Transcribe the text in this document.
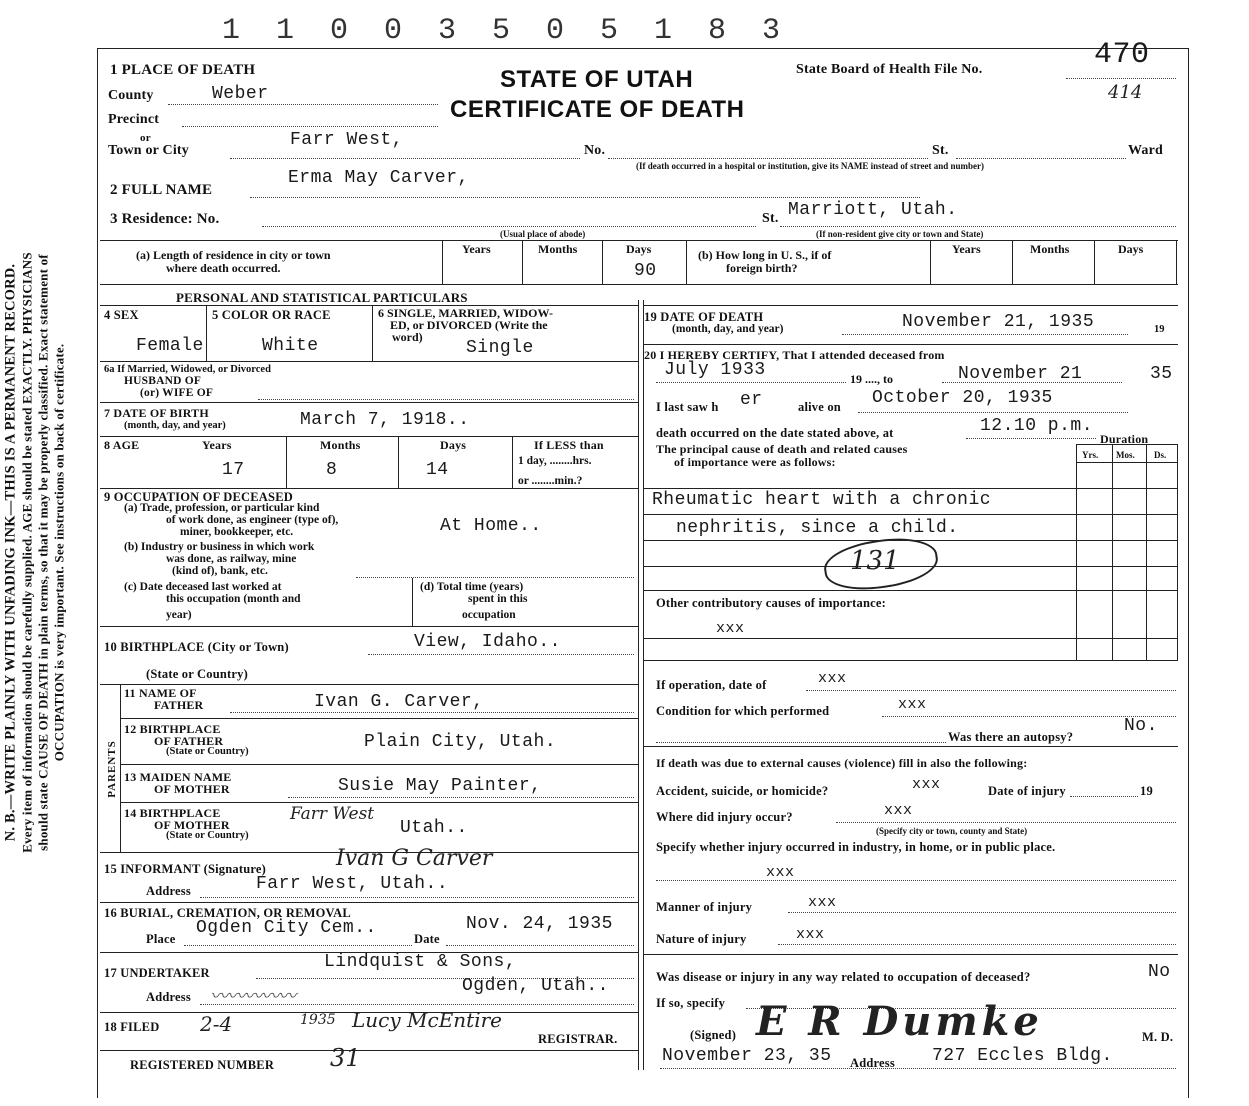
1 1 0 0 3 5 0 5 1 8 3
N. B.—WRITE PLAINLY WITH UNFADING INK—THIS IS A PERMANENT RECORD. Every item of information should be carefully supplied. AGE should be stated EXACTLY. PHYSICIANS should state CAUSE OF DEATH in plain terms, so that it may be properly classified. Exact statement of OCCUPATION is very important. See instructions on back of certificate.
1 PLACE OF DEATH	STATE OF UTAH
CERTIFICATE OF DEATH
State Board of Health File No.	470
414
County	Weber
Precinct
or
Town or City
Farr West,
No.	St.	Ward
(If death occurred in a hospital or institution, give its NAME instead of street and number)
2 FULL NAME
Erma May Carver,
3 Residence: No.	St. Marriott, Utah.
(Usual place of abode)	(If non-resident give city or town and State)
(a) Length of residence in city or town
where death occurred.
Years	Months	Days
90
(b) How long in U. S., if of
foreign birth?
Years	Months	Days
PERSONAL AND STATISTICAL PARTICULARS
4 SEX
Female
5 COLOR OR RACE
White
6 SINGLE, MARRIED, WIDOW-
ED, or DIVORCED (Write the
word)
Single
6a If Married, Widowed, or Divorced
HUSBAND OF
(or) WIFE OF
7 DATE OF BIRTH
(month, day, and year)	March 7, 1918..
8 AGE	Years	Months	Days	If LESS than
1 day, ........hrs.
or ........min.?
17	8	14
9 OCCUPATION OF DECEASED
(a) Trade, profession, or particular kind
of work done, as engineer (type of),
miner, bookkeeper, etc.	At Home..
(b) Industry or business in which work
was done, as railway, mine
(kind of), bank, etc.
(c) Date deceased last worked at
this occupation (month and
year)
(d) Total time (years)
spent in this
occupation
10 BIRTHPLACE (City or Town)	View, Idaho..
(State or Country)
PARENTS
11 NAME OF
FATHER	Ivan G. Carver,
12 BIRTHPLACE
OF FATHER
(State or Country)	Plain City, Utah.
13 MAIDEN NAME
OF MOTHER	Susie May Painter,
14 BIRTHPLACE
OF MOTHER
(State or Country)
Farr West
Utah..
15 INFORMANT (Signature)	Ivan G Carver
Address	Farr West, Utah..
16 BURIAL, CREMATION, OR REMOVAL
Place
Ogden City Cem..
Date
Nov. 24, 1935
17 UNDERTAKER
Lindquist & Sons,
Address 〰〰〰〰〰	Ogden, Utah..
18 FILED 2-4	1935 Lucy McEntire
REGISTRAR.
REGISTERED NUMBER 31
19 DATE OF DEATH
(month, day, and year)	November 21, 1935	19
20 I HEREBY CERTIFY, That I attended deceased from
July 1933	19 ...., to	November 21	35
I last saw h er	alive on October 20, 1935
death occurred on the date stated above, at	12.10 p.m.
Duration
The principal cause of death and related causes
of importance were as follows:	Yrs. Mos. Ds.
Rheumatic heart with a chronic
nephritis, since a child.
131
Other contributory causes of importance:
xxx
If operation, date of	xxx
Condition for which performed	xxx
Was there an autopsy?
No.
If death was due to external causes (violence) fill in also the following:
Accident, suicide, or homicide?	xxx	Date of injury	19
Where did injury occur?	xxx
(Specify city or town, county and State)
Specify whether injury occurred in industry, in home, or in public place.
xxx
Manner of injury	xxx
Nature of injury	xxx
Was disease or injury in any way related to occupation of deceased?	No
If so, specify
(Signed) E R Dumke	M. D.
November 23, 35 Address 727 Eccles Bldg.
